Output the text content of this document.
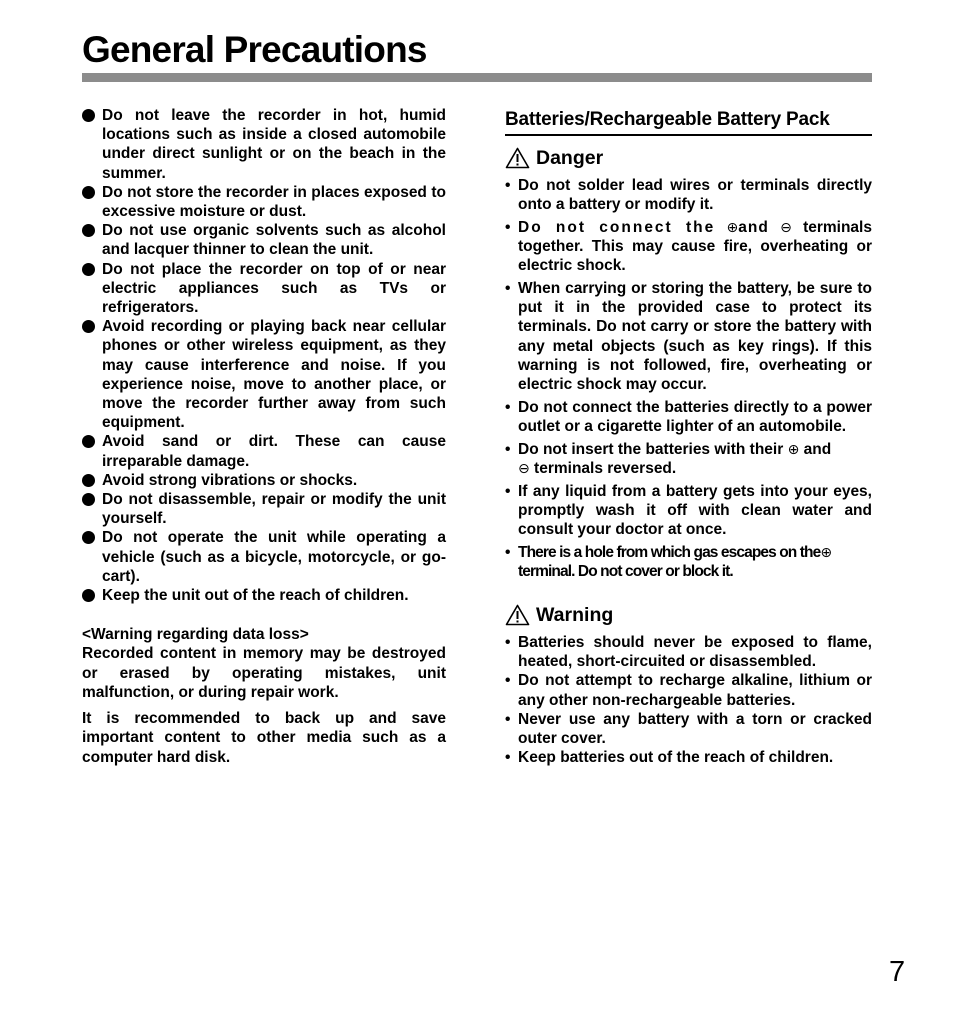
General Precautions
Do not leave the recorder in hot, humid locations such as inside a closed automobile under direct sunlight or on the beach in the summer.
Do not store the recorder in places exposed to excessive moisture or dust.
Do not use organic solvents such as alcohol and lacquer thinner to clean the unit.
Do not place the recorder on top of or near electric appliances such as TVs or refrigerators.
Avoid recording or playing back near cellular phones or other wireless equipment, as they may cause interference and noise. If you experience noise, move to another place, or move the recorder further away from such equipment.
Avoid sand or dirt. These can cause irreparable damage.
Avoid strong vibrations or shocks.
Do not disassemble, repair or modify the unit yourself.
Do not operate the unit while operating a vehicle (such as a bicycle, motorcycle, or go-cart).
Keep the unit out of the reach of children.
<Warning regarding data loss>

Recorded content in memory may be destroyed or erased by operating mistakes, unit malfunction, or during repair work.

It is recommended to back up and save important content to other media such as a computer hard disk.

Batteries/Rechargeable Battery Pack
Danger
• Do not solder lead wires or terminals directly onto a battery or modify it.
• Do not connect the ⊕and ⊖ terminals together. This may cause fire, overheating or electric shock.
• When carrying or storing the battery, be sure to put it in the provided case to protect its terminals. Do not carry or store the battery with any metal objects (such as key rings). If this warning is not followed, fire, overheating or electric shock may occur.
• Do not connect the batteries directly to a power outlet or a cigarette lighter of an automobile.
• Do not insert the batteries with their ⊕ and
⊖ terminals reversed.
• If any liquid from a battery gets into your eyes, promptly wash it off with clean water and consult your doctor at once.
• There is a hole from which gas escapes on the⊕
terminal. Do not cover or block it.
Warning
• Batteries should never be exposed to flame, heated, short-circuited or disassembled.
• Do not attempt to recharge alkaline, lithium or any other non-rechargeable batteries.
• Never use any battery with a torn or cracked outer cover.
• Keep batteries out of the reach of children.
7
